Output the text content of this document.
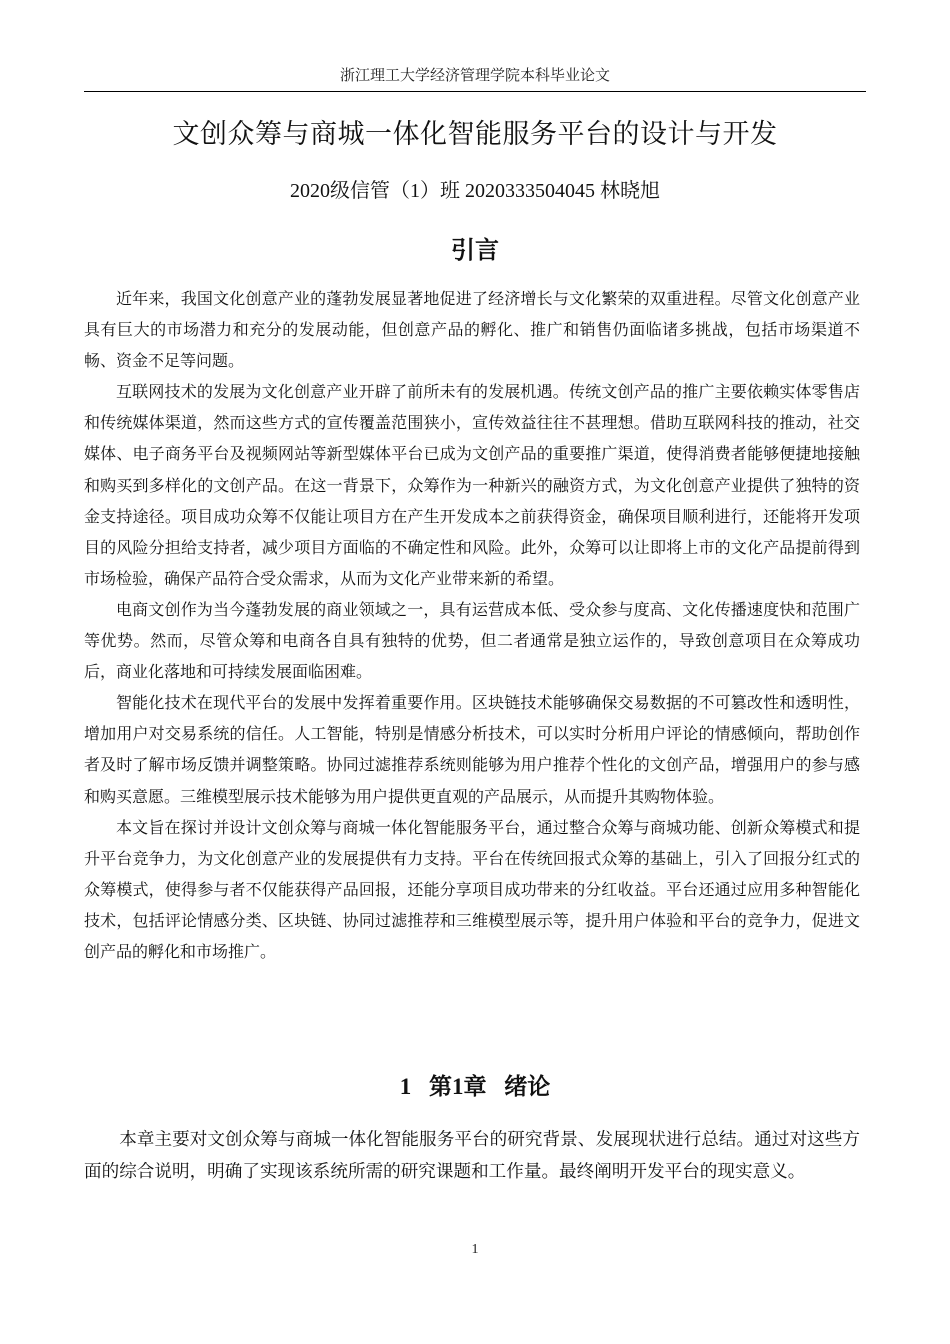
浙江理工大学经济管理学院本科毕业论文
文创众筹与商城一体化智能服务平台的设计与开发
2020级信管（1）班 2020333504045 林晓旭
引言

近年来，我国文化创意产业的蓬勃发展显著地促进了经济增长与文化繁荣的双重进程。尽管文化创意产业具有巨大的市场潜力和充分的发展动能，但创意产品的孵化、推广和销售仍面临诸多挑战，包括市场渠道不畅、资金不足等问题。

互联网技术的发展为文化创意产业开辟了前所未有的发展机遇。传统文创产品的推广主要依赖实体零售店和传统媒体渠道，然而这些方式的宣传覆盖范围狭小，宣传效益往往不甚理想。借助互联网科技的推动，社交媒体、电子商务平台及视频网站等新型媒体平台已成为文创产品的重要推广渠道，使得消费者能够便捷地接触和购买到多样化的文创产品。在这一背景下，众筹作为一种新兴的融资方式，为文化创意产业提供了独特的资金支持途径。项目成功众筹不仅能让项目方在产生开发成本之前获得资金，确保项目顺利进行，还能将开发项目的风险分担给支持者，减少项目方面临的不确定性和风险。此外，众筹可以让即将上市的文化产品提前得到市场检验，确保产品符合受众需求，从而为文化产业带来新的希望。

电商文创作为当今蓬勃发展的商业领域之一，具有运营成本低、受众参与度高、文化传播速度快和范围广等优势。然而，尽管众筹和电商各自具有独特的优势，但二者通常是独立运作的，导致创意项目在众筹成功后，商业化落地和可持续发展面临困难。

智能化技术在现代平台的发展中发挥着重要作用。区块链技术能够确保交易数据的不可篡改性和透明性，增加用户对交易系统的信任。人工智能，特别是情感分析技术，可以实时分析用户评论的情感倾向，帮助创作者及时了解市场反馈并调整策略。协同过滤推荐系统则能够为用户推荐个性化的文创产品，增强用户的参与感和购买意愿。三维模型展示技术能够为用户提供更直观的产品展示，从而提升其购物体验。

本文旨在探讨并设计文创众筹与商城一体化智能服务平台，通过整合众筹与商城功能、创新众筹模式和提升平台竞争力，为文化创意产业的发展提供有力支持。平台在传统回报式众筹的基础上，引入了回报分红式的众筹模式，使得参与者不仅能获得产品回报，还能分享项目成功带来的分红收益。平台还通过应用多种智能化技术，包括评论情感分类、区块链、协同过滤推荐和三维模型展示等，提升用户体验和平台的竞争力，促进文创产品的孵化和市场推广。

1 第1章 绪论

本章主要对文创众筹与商城一体化智能服务平台的研究背景、发展现状进行总结。通过对这些方面的综合说明，明确了实现该系统所需的研究课题和工作量。最终阐明开发平台的现实意义。

1
